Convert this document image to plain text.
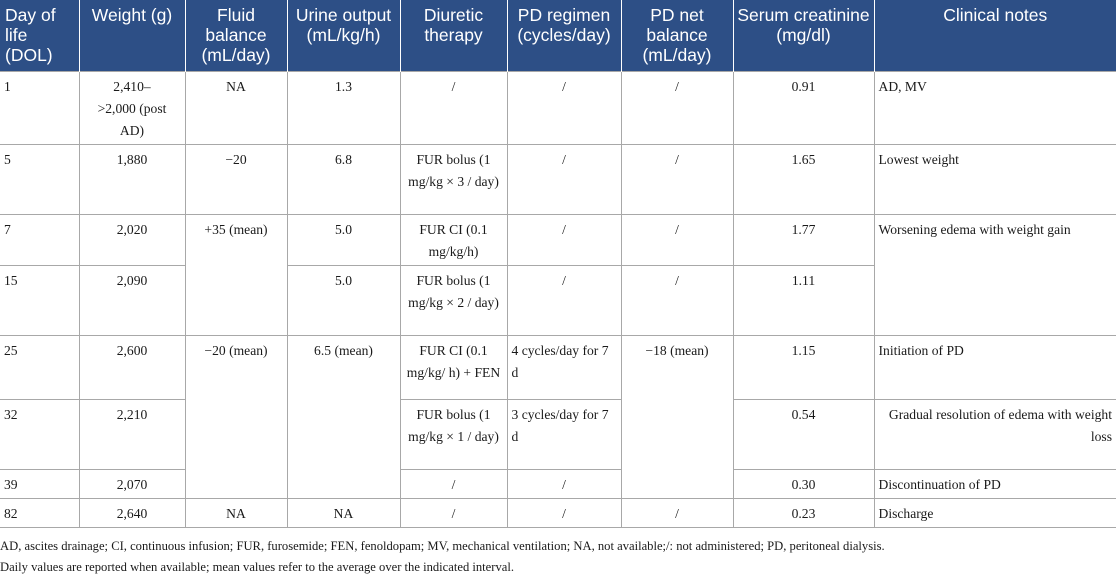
Day of life (DOL)	Weight (g)	Fluid balance (mL/day)	Urine output (mL/kg/h)	Diuretic therapy	PD regimen (cycles/day)	PD net balance (mL/day)	Serum creatinine (mg/dl)	Clinical notes
1	2,410–>2,000 (post AD)	NA	1.3	/	/	/	0.91	AD, MV
5	1,880	−20	6.8	FUR bolus (1 mg/kg × 3 / day)	/	/	1.65	Lowest weight
7	2,020	+35 (mean)	5.0	FUR CI (0.1 mg/kg/h)	/	/	1.77	Worsening edema with weight gain
15	2,090		5.0	FUR bolus (1 mg/kg × 2 / day)	/	/	1.11	
25	2,600	−20 (mean)	6.5 (mean)	FUR CI (0.1 mg/kg/ h) + FEN	4 cycles/day for 7 d	−18 (mean)	1.15	Initiation of PD
32	2,210			FUR bolus (1 mg/kg × 1 / day)	3 cycles/day for 7 d		0.54	Gradual resolution of edema with weight loss
39	2,070			/	/		0.30	Discontinuation of PD
82	2,640	NA	NA	/	/	/	0.23	Discharge
AD, ascites drainage; CI, continuous infusion; FUR, furosemide; FEN, fenoldopam; MV, mechanical ventilation; NA, not available;/: not administered; PD, peritoneal dialysis.
Daily values are reported when available; mean values refer to the average over the indicated interval.
